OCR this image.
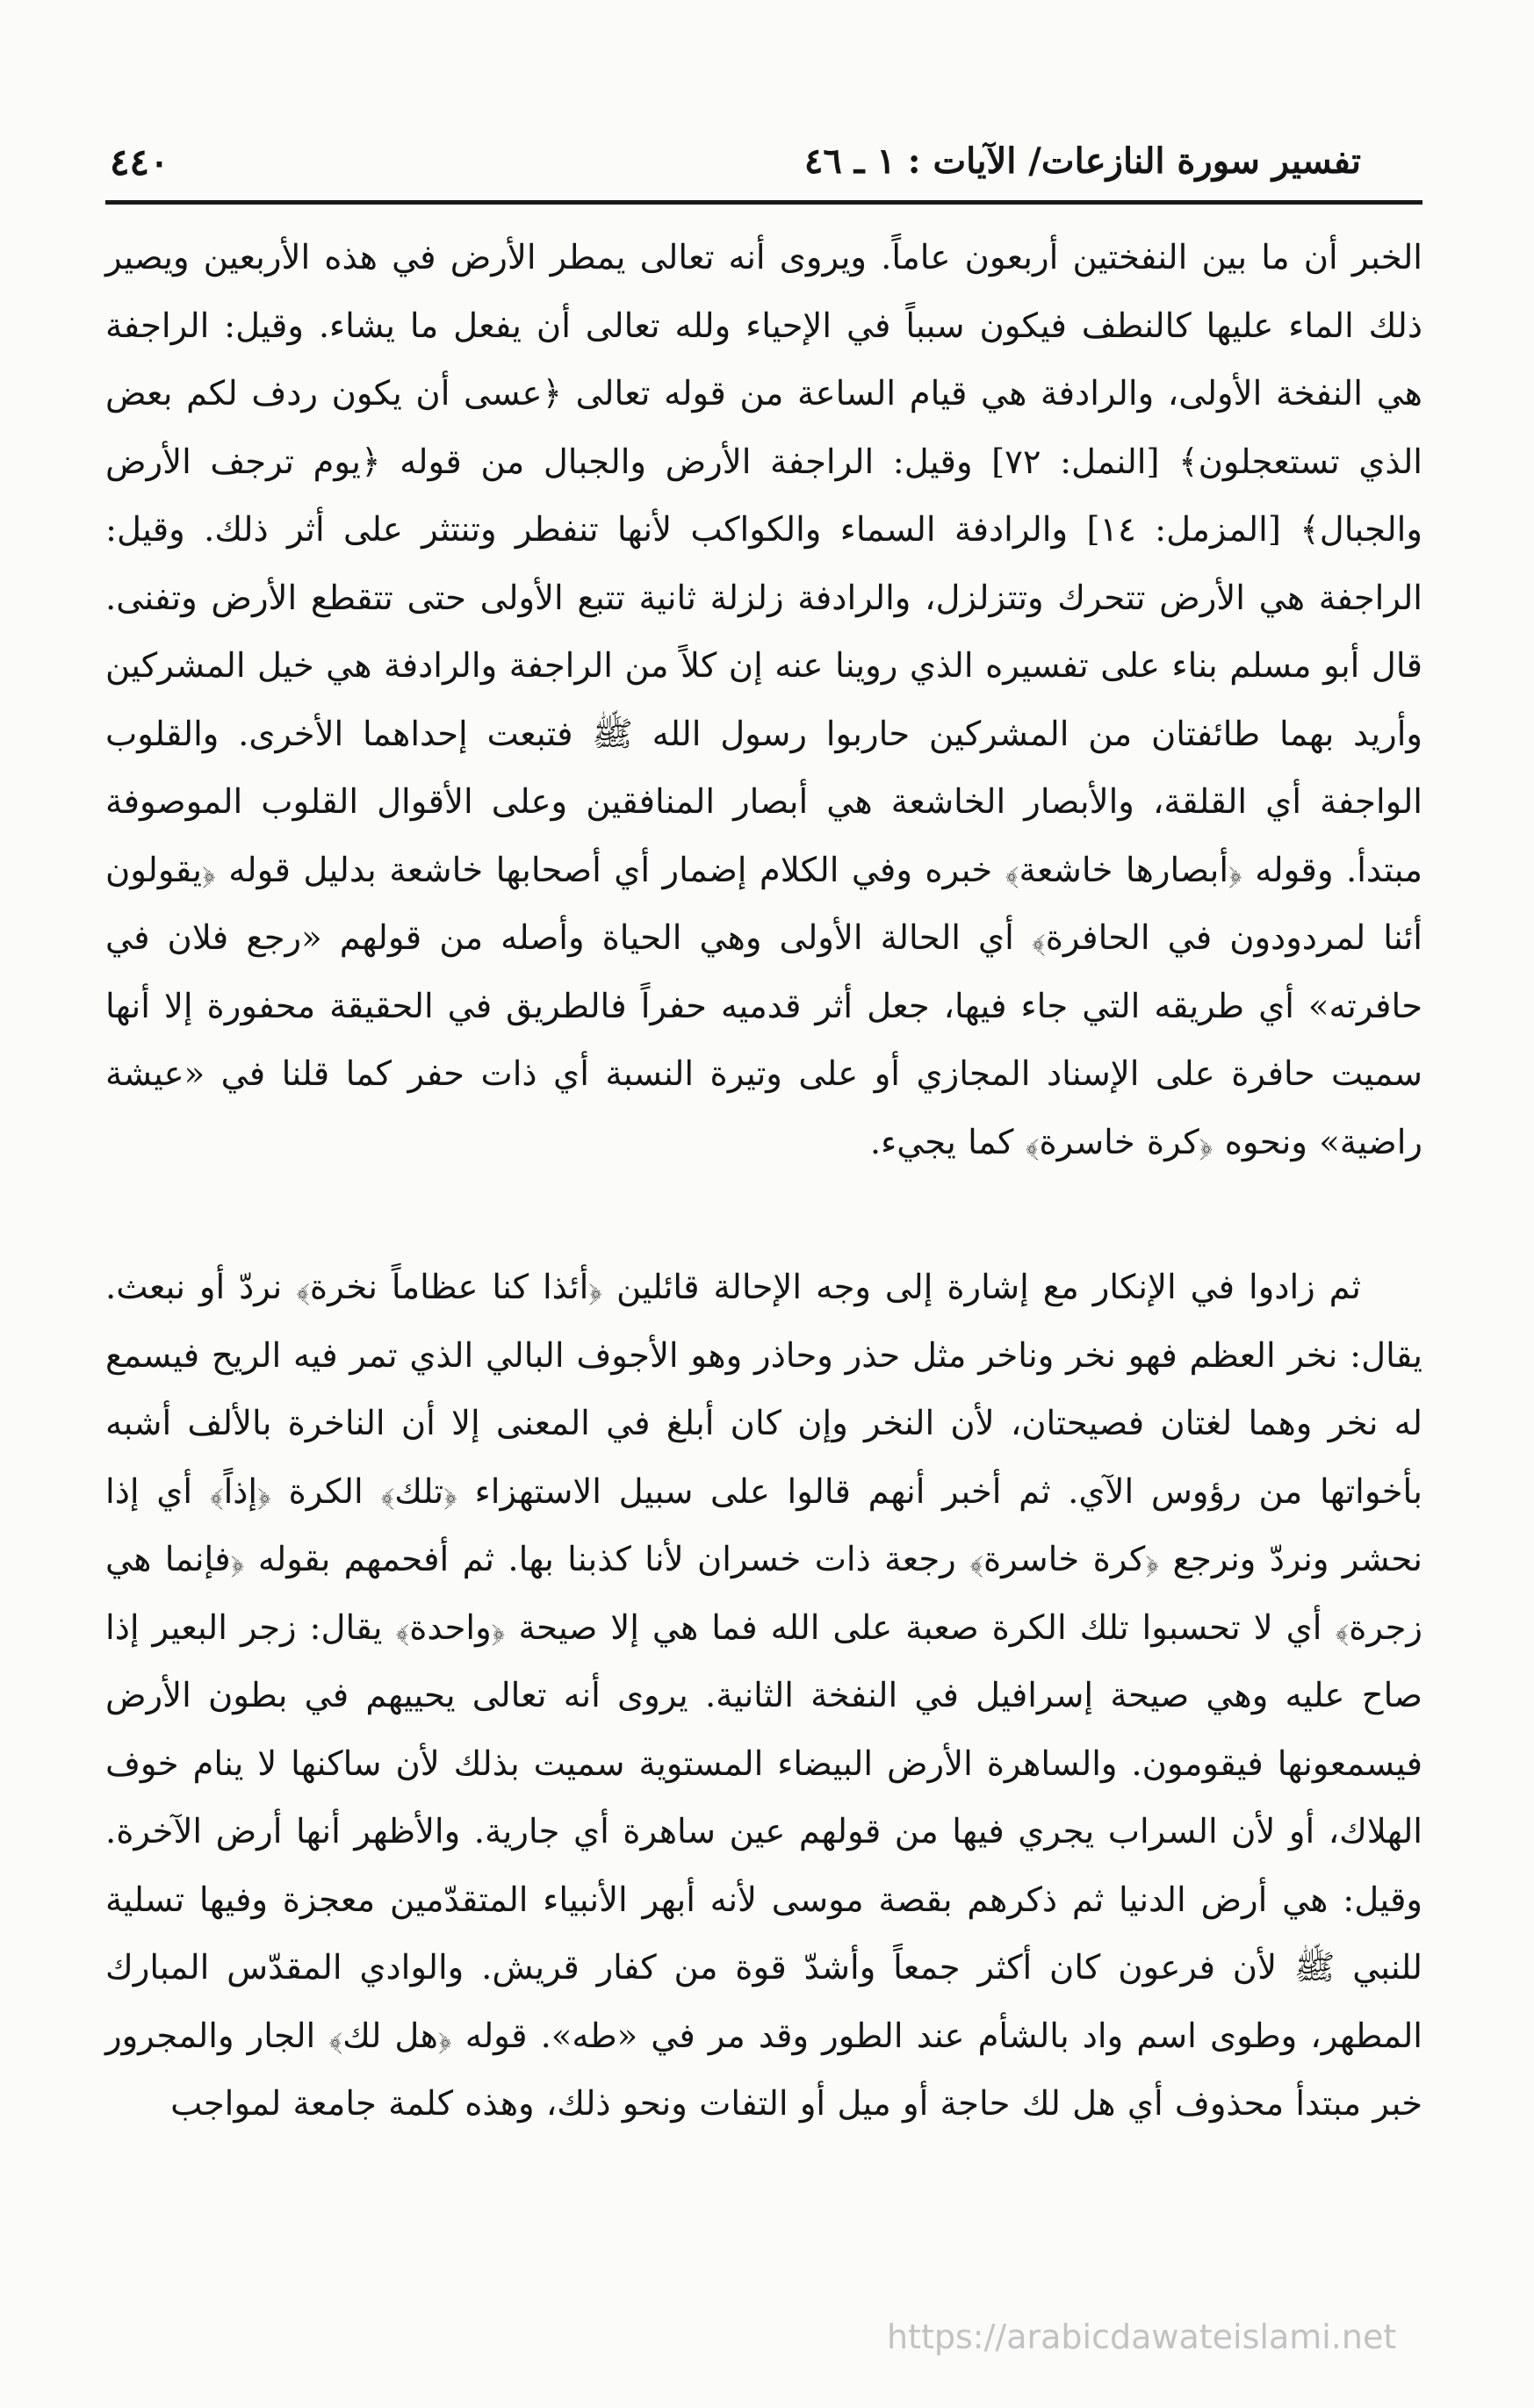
تفسير سورة النازعات/ الآيات : ١ ـ ٤٦
٤٤٠

الخبر أن ما بين النفختين أربعون عاماً. ويروى أنه تعالى يمطر الأرض في هذه الأربعين ويصير ذلك الماء عليها كالنطف فيكون سبباً في الإحياء ولله تعالى أن يفعل ما يشاء. وقيل: الراجفة هي النفخة الأولى، والرادفة هي قيام الساعة من قوله تعالى ﴿عسى أن يكون ردف لكم بعض الذي تستعجلون﴾ [النمل: ٧٢] وقيل: الراجفة الأرض والجبال من قوله ﴿يوم ترجف الأرض والجبال﴾ [المزمل: ١٤] والرادفة السماء والكواكب لأنها تنفطر وتنتثر على أثر ذلك. وقيل: الراجفة هي الأرض تتحرك وتتزلزل، والرادفة زلزلة ثانية تتبع الأولى حتى تتقطع الأرض وتفنى. قال أبو مسلم بناء على تفسيره الذي روينا عنه إن كلاً من الراجفة والرادفة هي خيل المشركين وأريد بهما طائفتان من المشركين حاربوا رسول الله ﷺ فتبعت إحداهما الأخرى. والقلوب الواجفة أي القلقة، والأبصار الخاشعة هي أبصار المنافقين وعلى الأقوال القلوب الموصوفة مبتدأ. وقوله ﴿أبصارها خاشعة﴾ خبره وفي الكلام إضمار أي أصحابها خاشعة بدليل قوله ﴿يقولون أئنا لمردودون في الحافرة﴾ أي الحالة الأولى وهي الحياة وأصله من قولهم «رجع فلان في حافرته» أي طريقه التي جاء فيها، جعل أثر قدميه حفراً فالطريق في الحقيقة محفورة إلا أنها سميت حافرة على الإسناد المجازي أو على وتيرة النسبة أي ذات حفر كما قلنا في «عيشة راضية» ونحوه ﴿كرة خاسرة﴾ كما يجيء.

ثم زادوا في الإنكار مع إشارة إلى وجه الإحالة قائلين ﴿أئذا كنا عظاماً نخرة﴾ نردّ أو نبعث. يقال: نخر العظم فهو نخر وناخر مثل حذر وحاذر وهو الأجوف البالي الذي تمر فيه الريح فيسمع له نخر وهما لغتان فصيحتان، لأن النخر وإن كان أبلغ في المعنى إلا أن الناخرة بالألف أشبه بأخواتها من رؤوس الآي. ثم أخبر أنهم قالوا على سبيل الاستهزاء ﴿تلك﴾ الكرة ﴿إذاً﴾ أي إذا نحشر ونردّ ونرجع ﴿كرة خاسرة﴾ رجعة ذات خسران لأنا كذبنا بها. ثم أفحمهم بقوله ﴿فإنما هي زجرة﴾ أي لا تحسبوا تلك الكرة صعبة على الله فما هي إلا صيحة ﴿واحدة﴾ يقال: زجر البعير إذا صاح عليه وهي صيحة إسرافيل في النفخة الثانية. يروى أنه تعالى يحييهم في بطون الأرض فيسمعونها فيقومون. والساهرة الأرض البيضاء المستوية سميت بذلك لأن ساكنها لا ينام خوف الهلاك، أو لأن السراب يجري فيها من قولهم عين ساهرة أي جارية. والأظهر أنها أرض الآخرة. وقيل: هي أرض الدنيا ثم ذكرهم بقصة موسى لأنه أبهر الأنبياء المتقدّمين معجزة وفيها تسلية للنبي ﷺ لأن فرعون كان أكثر جمعاً وأشدّ قوة من كفار قريش. والوادي المقدّس المبارك المطهر، وطوى اسم واد بالشأم عند الطور وقد مر في «طه». قوله ﴿هل لك﴾ الجار والمجرور خبر مبتدأ محذوف أي هل لك حاجة أو ميل أو التفات ونحو ذلك، وهذه كلمة جامعة لمواجب

https://arabicdawateislami.net
